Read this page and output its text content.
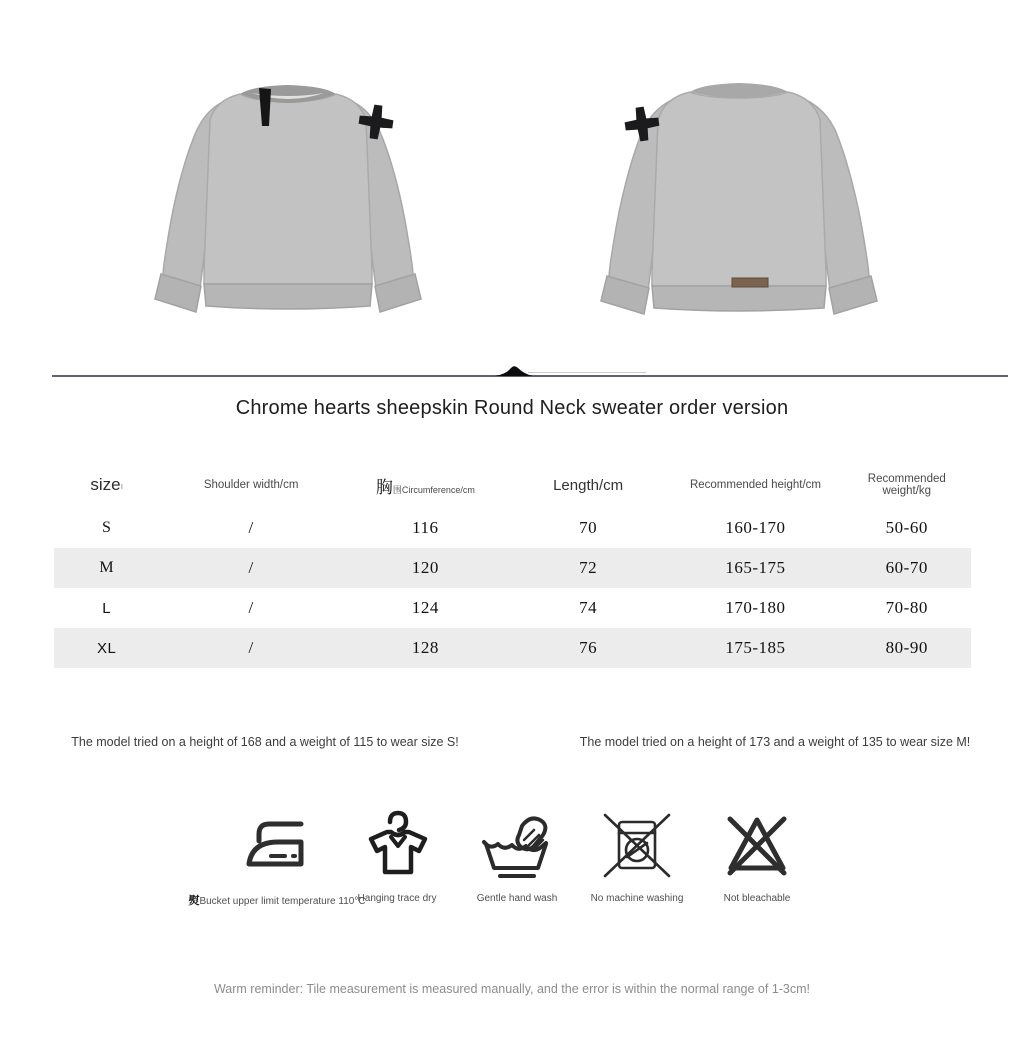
Chrome hearts sheepskin Round Neck sweater order version
sizeı	Shoulder width/cm	胸围Circumference/cm	Length/cm	Recommended height/cm	Recommended weight/kg
S	/	116	70	160-170	50-60
M	/	120	72	165-175	60-70
L	/	124	74	170-180	70-80
XL	/	128	76	175-185	80-90
The model tried on a height of 168 and a weight of 115 to wear size S!	The model tried on a height of 173 and a weight of 135 to wear size M!
熨Bucket upper limit temperature 110°C
Hanging trace dry	Gentle hand wash	No machine washing	Not bleachable
Warm reminder: Tile measurement is measured manually, and the error is within the normal range of 1-3cm!
